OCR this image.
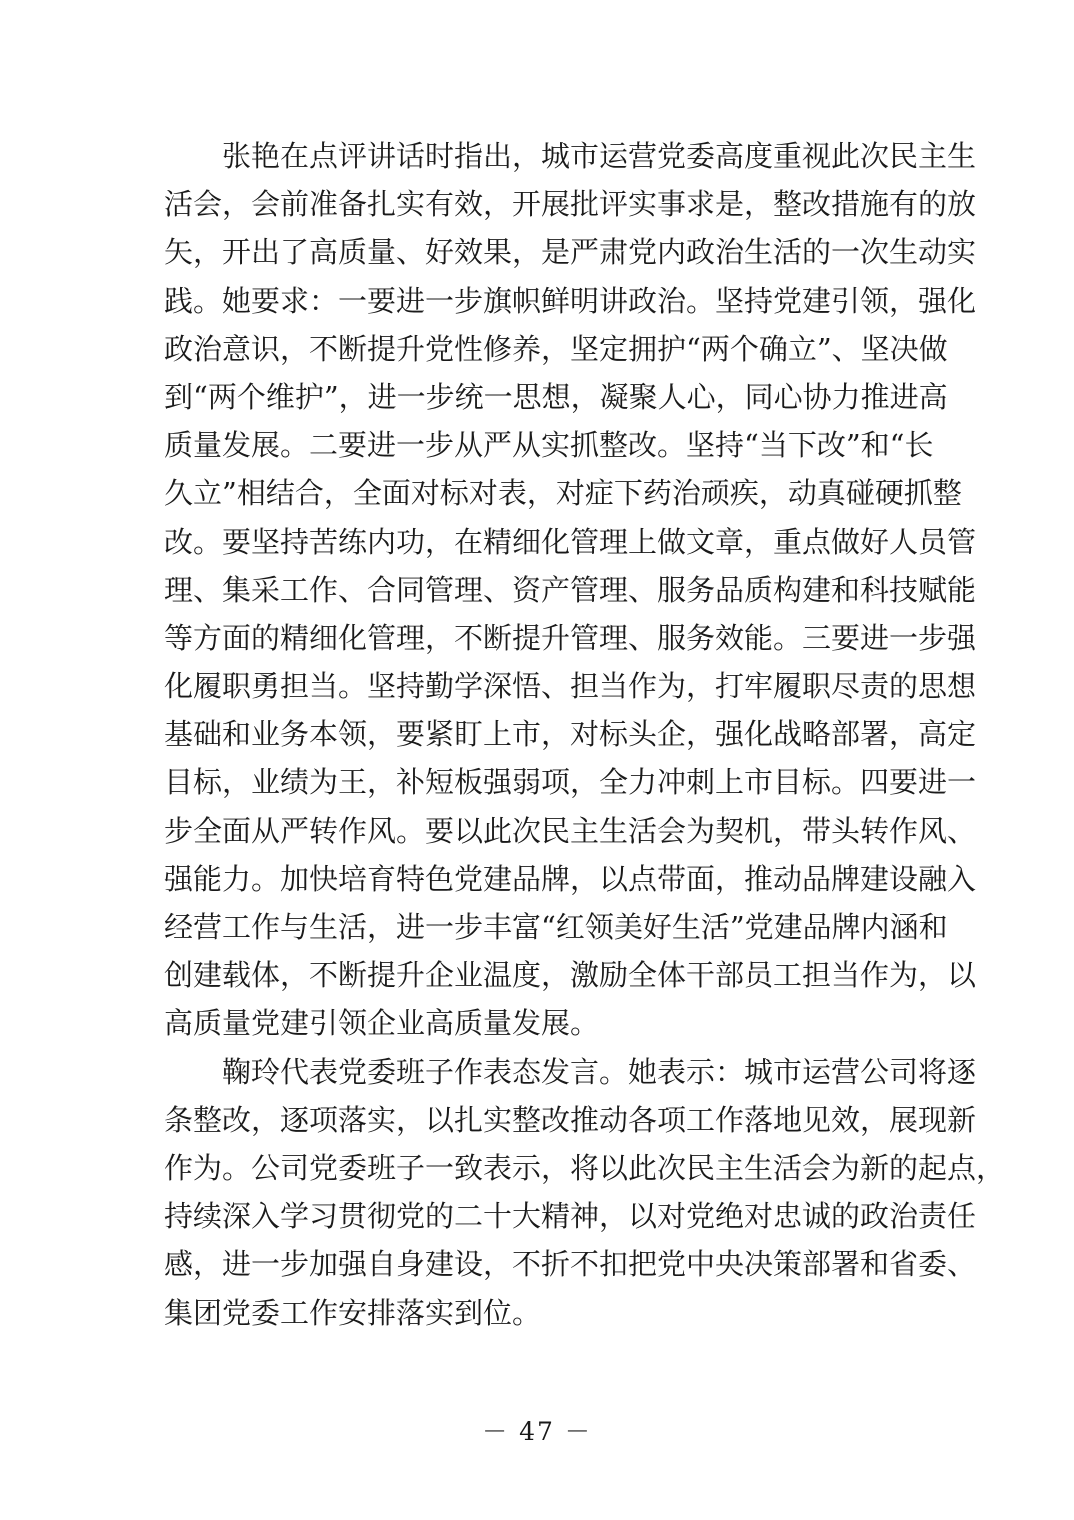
张艳在点评讲话时指出，城市运营党委高度重视此次民主生
活会，会前准备扎实有效，开展批评实事求是，整改措施有的放
矢，开出了高质量、好效果，是严肃党内政治生活的一次生动实
践。她要求：一要进一步旗帜鲜明讲政治。坚持党建引领，强化
政治意识，不断提升党性修养，坚定拥护“两个确立”、坚决做
到“两个维护”，进一步统一思想，凝聚人心，同心协力推进高
质量发展。二要进一步从严从实抓整改。坚持“当下改”和“长
久立”相结合，全面对标对表，对症下药治顽疾，动真碰硬抓整
改。要坚持苦练内功，在精细化管理上做文章，重点做好人员管
理、集采工作、合同管理、资产管理、服务品质构建和科技赋能
等方面的精细化管理，不断提升管理、服务效能。三要进一步强
化履职勇担当。坚持勤学深悟、担当作为，打牢履职尽责的思想
基础和业务本领，要紧盯上市，对标头企，强化战略部署，高定
目标，业绩为王，补短板强弱项，全力冲刺上市目标。四要进一
步全面从严转作风。要以此次民主生活会为契机，带头转作风、
强能力。加快培育特色党建品牌，以点带面，推动品牌建设融入
经营工作与生活，进一步丰富“红领美好生活”党建品牌内涵和
创建载体，不断提升企业温度，激励全体干部员工担当作为，以
高质量党建引领企业高质量发展。
鞠玲代表党委班子作表态发言。她表示：城市运营公司将逐
条整改，逐项落实，以扎实整改推动各项工作落地见效，展现新
作为。公司党委班子一致表示，将以此次民主生活会为新的起点，
持续深入学习贯彻党的二十大精神，以对党绝对忠诚的政治责任
感，进一步加强自身建设，不折不扣把党中央决策部署和省委、
集团党委工作安排落实到位。
－ 47 －
